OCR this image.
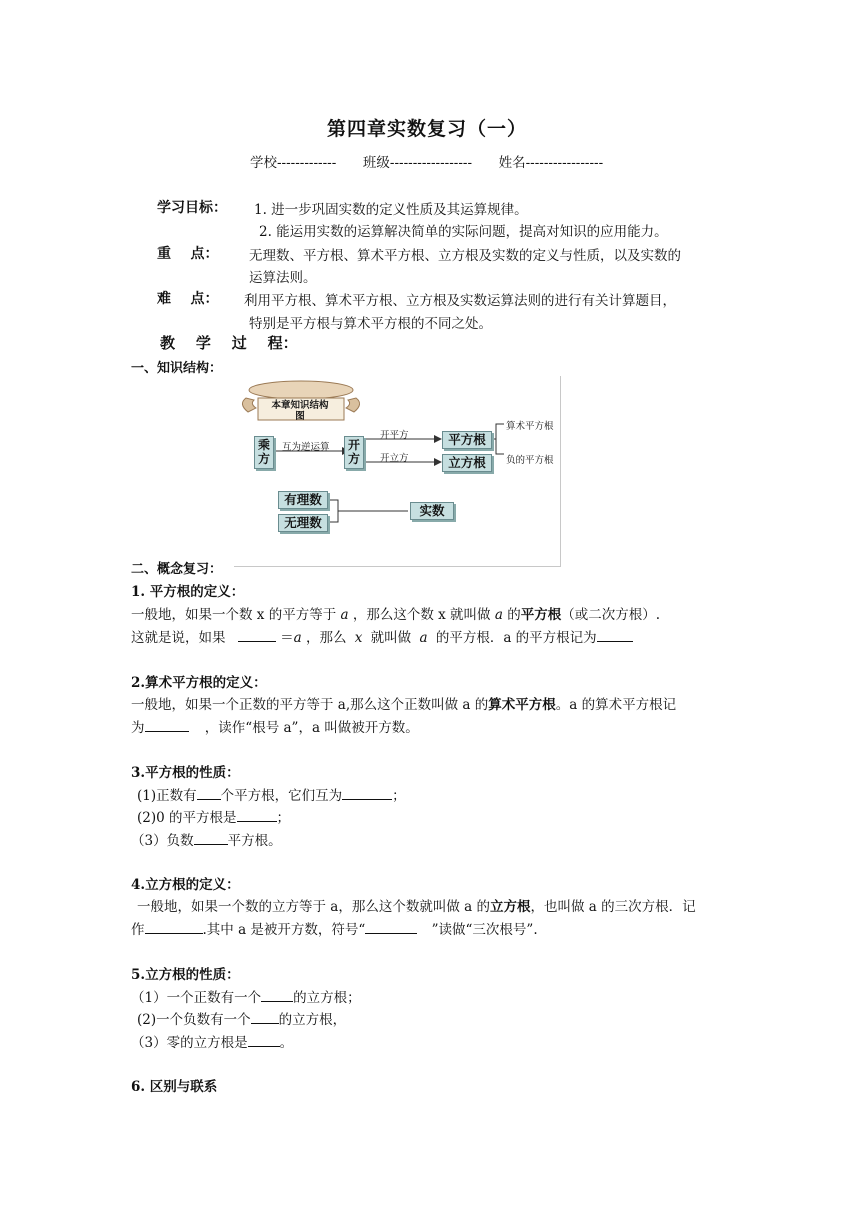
第四章实数复习（一）
学校------------- 班级------------------ 姓名-----------------
学习目标： 1. 进一步巩固实数的定义性质及其运算规律。
2. 能运用实数的运算解决简单的实际问题，提高对知识的应用能力。
重    点： 无理数、平方根、算术平方根、立方根及实数的定义与性质，以及实数的
运算法则。
难    点： 利用平方根、算术平方根、立方根及实数运算法则的进行有关计算题目，
特别是平方根与算术平方根的不同之处。
教    学    过    程：
一、知识结构：
本章知识结构图
乘方
互为逆运算	开方
开平方
开立方
平方根
立方根
算术平方根
负的平方根
有理数
无理数
实数
二、概念复习：
1. 平方根的定义：
一般地，如果一个数 x 的平方等于 a ，那么这个数 x 就叫做 a 的平方根（或二次方根）.
这就是说，如果	＝a ，那么 x 就叫做 a 的平方根．a 的平方根记为
2.算术平方根的定义：
一般地，如果一个正数的平方等于 a,那么这个正数叫做 a 的算术平方根。a 的算术平方根记
为	，读作“根号 a”，a 叫做被开方数。
3.平方根的性质：
(1)正数有 个平方根，它们互为	；
(2)0 的平方根是	；
（3）负数	平方根。
4.立方根的定义：
一般地，如果一个数的立方等于 a，那么这个数就叫做 a 的立方根，也叫做 a 的三次方根．记
作	.其中 a 是被开方数，符号“	”读做“三次根号”.
5.立方根的性质：
（1）一个正数有一个 的立方根；
(2)一个负数有一个 的立方根，
（3）零的立方根是 。
6. 区别与联系
